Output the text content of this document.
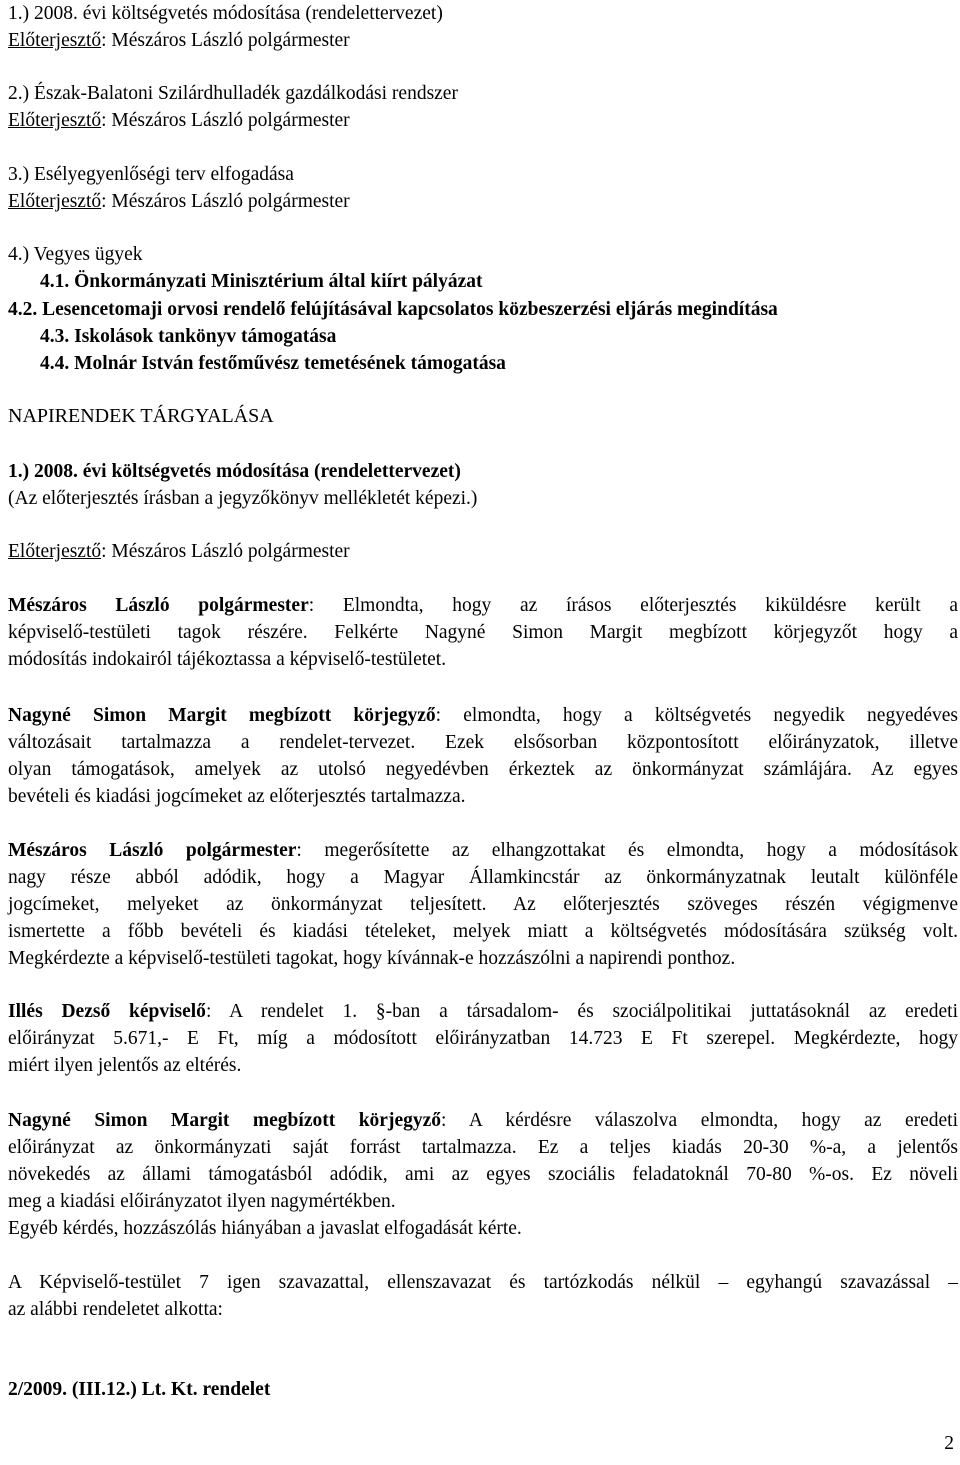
1.) 2008. évi költségvetés módosítása (rendelettervezet)
Előterjesztő: Mészáros László polgármester
2.) Észak-Balatoni Szilárdhulladék gazdálkodási rendszer
Előterjesztő: Mészáros László polgármester
3.) Esélyegyenlőségi terv elfogadása
Előterjesztő: Mészáros László polgármester
4.) Vegyes ügyek
4.1. Önkormányzati Minisztérium által kiírt pályázat
4.2. Lesencetomaji orvosi rendelő felújításával kapcsolatos közbeszerzési eljárás megindítása
4.3. Iskolások tankönyv támogatása
4.4. Molnár István festőművész temetésének támogatása
NAPIRENDEK TÁRGYALÁSA
1.) 2008. évi költségvetés módosítása (rendelettervezet)
(Az előterjesztés írásban a jegyzőkönyv mellékletét képezi.)
Előterjesztő: Mészáros László polgármester
Mészáros László polgármester: Elmondta, hogy az írásos előterjesztés kiküldésre került a
képviselő-testületi tagok részére. Felkérte Nagyné Simon Margit megbízott körjegyzőt hogy a
módosítás indokairól tájékoztassa a képviselő-testületet.
Nagyné Simon Margit megbízott körjegyző: elmondta, hogy a költségvetés negyedik negyedéves
változásait tartalmazza a rendelet-tervezet. Ezek elsősorban központosított előirányzatok, illetve
olyan támogatások, amelyek az utolsó negyedévben érkeztek az önkormányzat számlájára. Az egyes
bevételi és kiadási jogcímeket az előterjesztés tartalmazza.
Mészáros László polgármester: megerősítette az elhangzottakat és elmondta, hogy a módosítások
nagy része abból adódik, hogy a Magyar Államkincstár az önkormányzatnak leutalt különféle
jogcímeket, melyeket az önkormányzat teljesített. Az előterjesztés szöveges részén végigmenve
ismertette a főbb bevételi és kiadási tételeket, melyek miatt a költségvetés módosítására szükség volt.
Megkérdezte a képviselő-testületi tagokat, hogy kívánnak-e hozzászólni a napirendi ponthoz.
Illés Dezső képviselő: A rendelet 1. §-ban a társadalom- és szociálpolitikai juttatásoknál az eredeti
előirányzat 5.671,- E Ft, míg a módosított előirányzatban 14.723 E Ft szerepel. Megkérdezte, hogy
miért ilyen jelentős az eltérés.
Nagyné Simon Margit megbízott körjegyző: A kérdésre válaszolva elmondta, hogy az eredeti
előirányzat az önkormányzati saját forrást tartalmazza. Ez a teljes kiadás 20-30 %-a, a jelentős
növekedés az állami támogatásból adódik, ami az egyes szociális feladatoknál 70-80 %-os. Ez növeli
meg a kiadási előirányzatot ilyen nagymértékben.
Egyéb kérdés, hozzászólás hiányában a javaslat elfogadását kérte.
A Képviselő-testület 7 igen szavazattal, ellenszavazat és tartózkodás nélkül – egyhangú szavazással –
az alábbi rendeletet alkotta:
2/2009. (III.12.) Lt. Kt. rendelet
2
